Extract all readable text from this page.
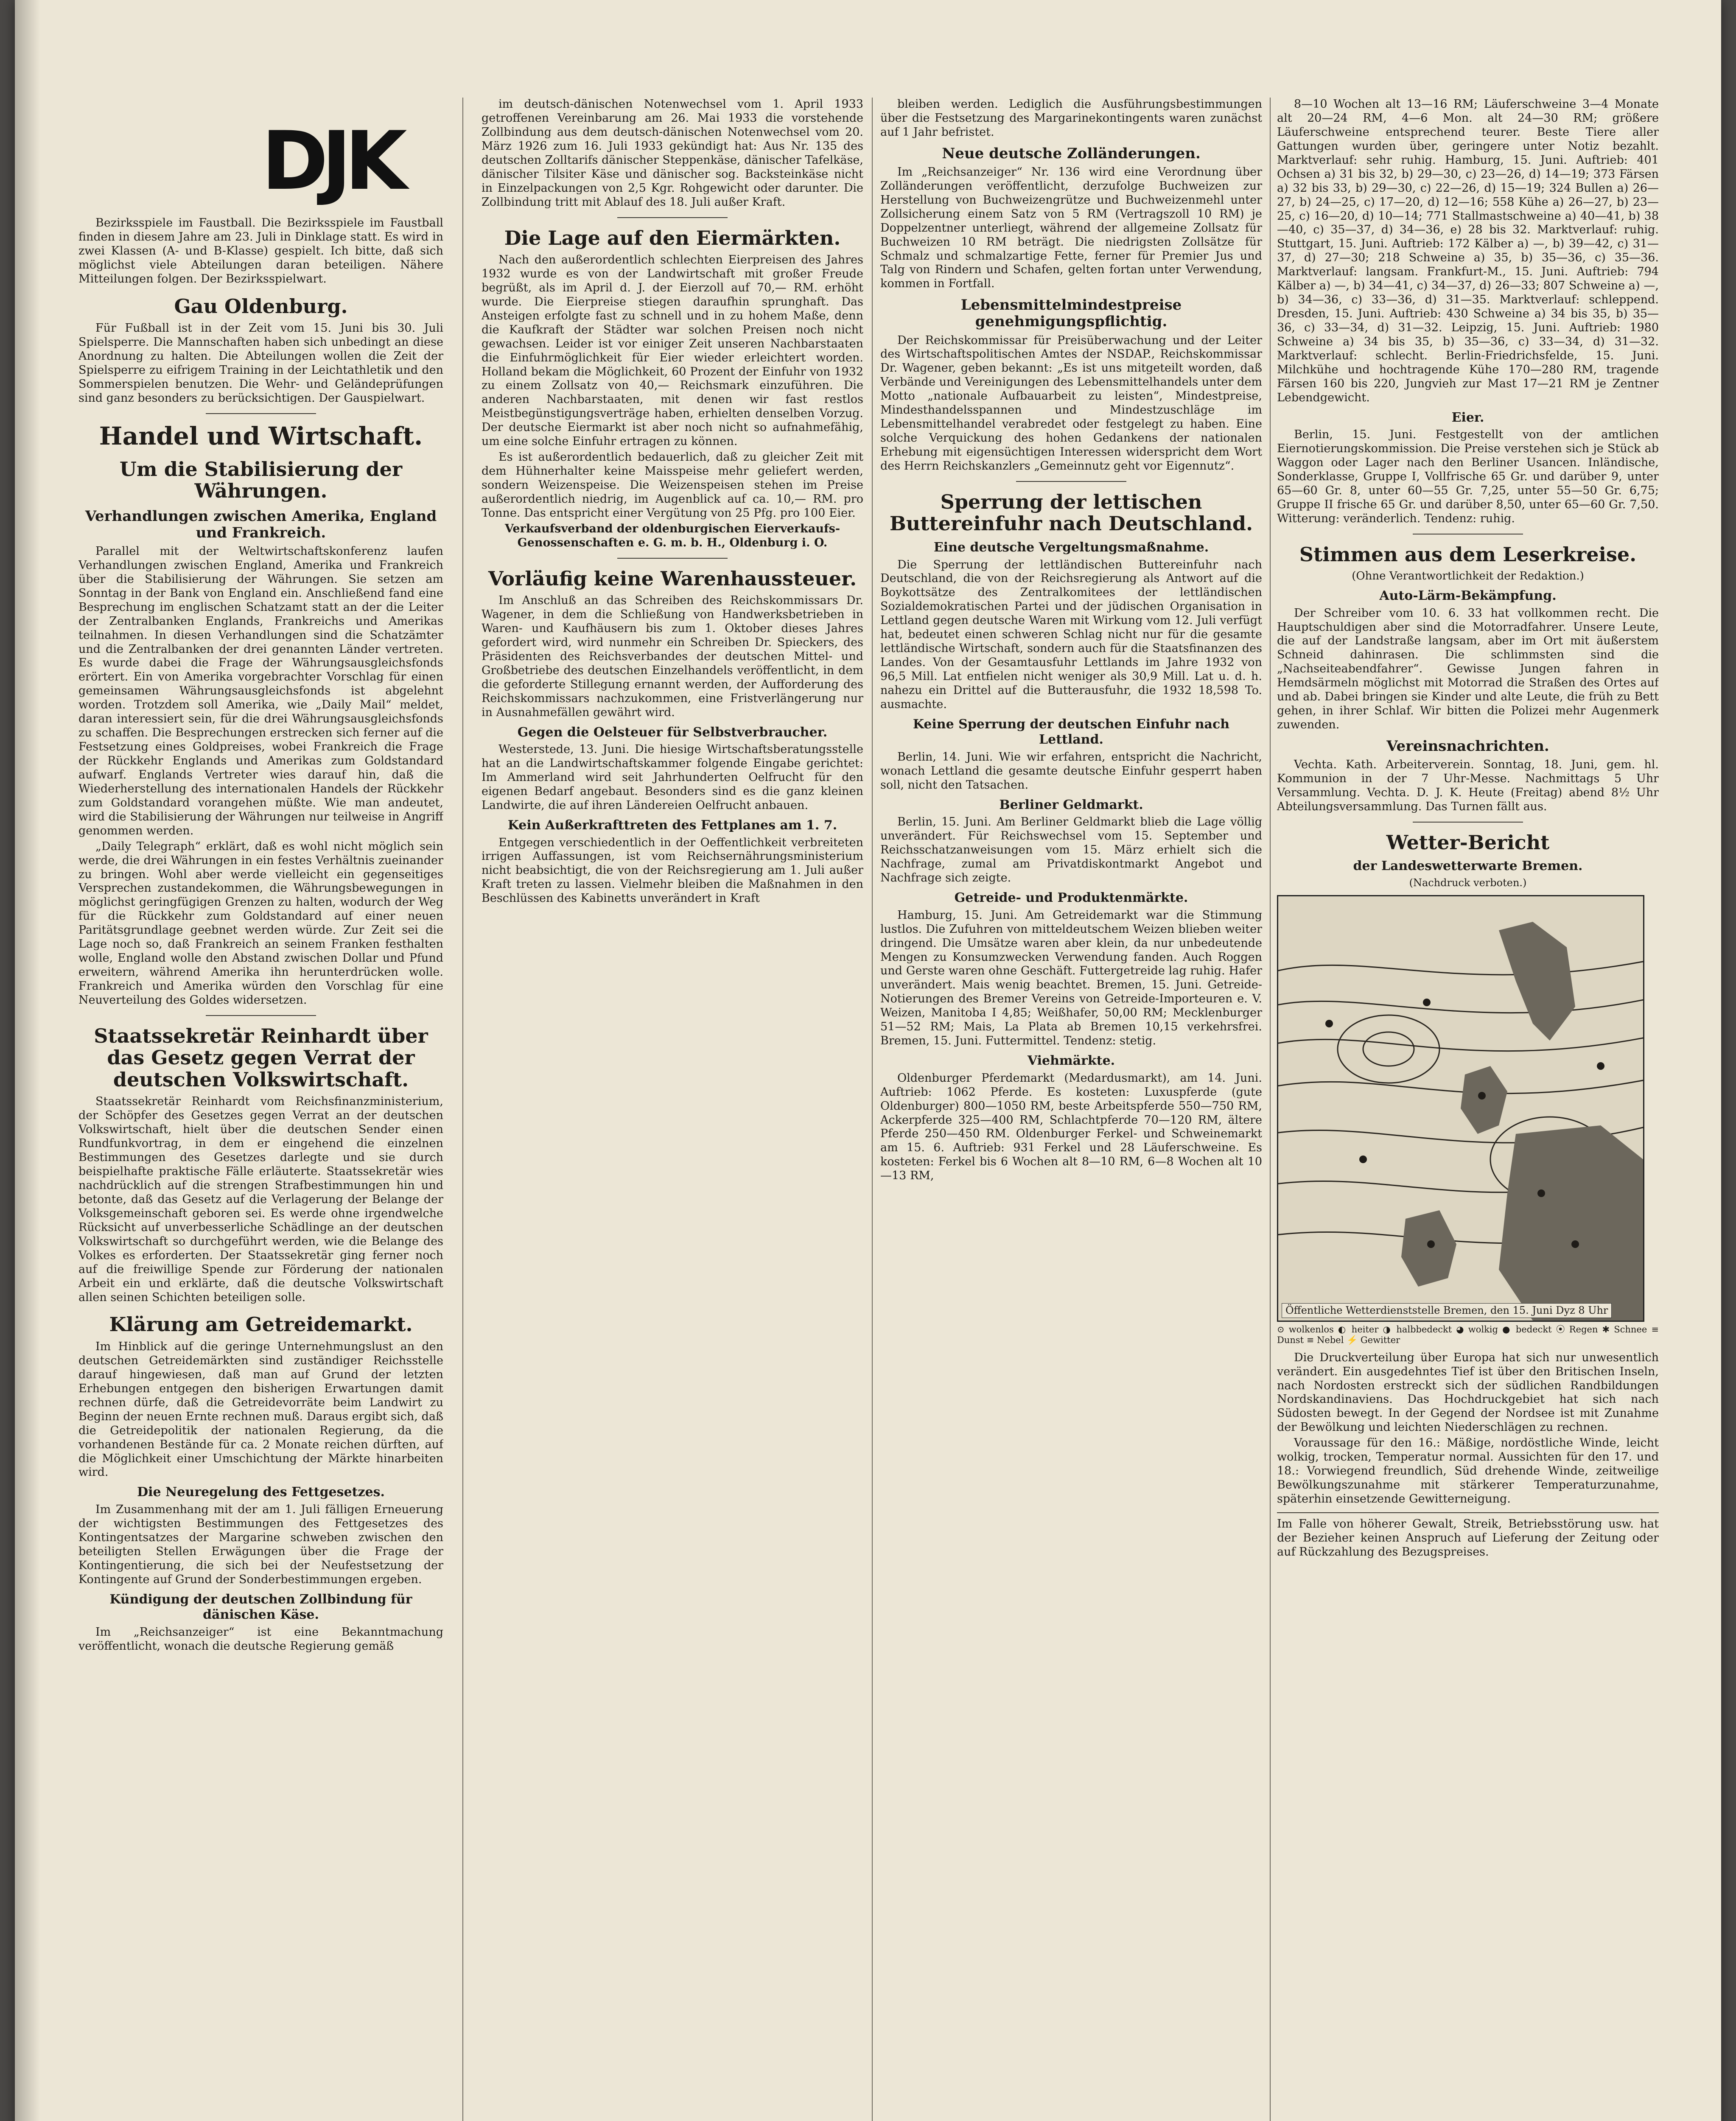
Bezirksspiele im Faustball. Die Bezirksspiele im Faustball finden in diesem Jahre am 23. Juli in Dinklage statt. Es wird in zwei Klassen (A- und B-Klasse) gespielt. Ich bitte, daß sich möglichst viele Abteilungen daran beteiligen. Nähere Mitteilungen folgen. Der Bezirksspielwart.

Gau Oldenburg.

Für Fußball ist in der Zeit vom 15. Juni bis 30. Juli Spielsperre. Die Mannschaften haben sich unbedingt an diese Anordnung zu halten. Die Abteilungen wollen die Zeit der Spielsperre zu eifrigem Training in der Leichtathletik und den Sommerspielen benutzen. Die Wehr- und Geländeprüfungen sind ganz besonders zu berücksichtigen. Der Gauspielwart.

Handel und Wirtschaft.
Um die Stabilisierung der Währungen.
Verhandlungen zwischen Amerika, England und Frankreich.

Parallel mit der Weltwirtschaftskonferenz laufen Verhandlungen zwischen England, Amerika und Frankreich über die Stabilisierung der Währungen. Sie setzen am Sonntag in der Bank von England ein. Anschließend fand eine Besprechung im englischen Schatzamt statt an der die Leiter der Zentralbanken Englands, Frankreichs und Amerikas teilnahmen. In diesen Verhandlungen sind die Schatzämter und die Zentralbanken der drei genannten Länder vertreten. Es wurde dabei die Frage der Währungsausgleichsfonds erörtert. Ein von Amerika vorgebrachter Vorschlag für einen gemeinsamen Währungsausgleichsfonds ist abgelehnt worden. Trotzdem soll Amerika, wie „Daily Mail“ meldet, daran interessiert sein, für die drei Währungsausgleichsfonds zu schaffen. Die Besprechungen erstrecken sich ferner auf die Festsetzung eines Goldpreises, wobei Frankreich die Frage der Rückkehr Englands und Amerikas zum Goldstandard aufwarf. Englands Vertreter wies darauf hin, daß die Wiederherstellung des internationalen Handels der Rückkehr zum Goldstandard vorangehen müßte. Wie man andeutet, wird die Stabilisierung der Währungen nur teilweise in Angriff genommen werden.

„Daily Telegraph“ erklärt, daß es wohl nicht möglich sein werde, die drei Währungen in ein festes Verhältnis zueinander zu bringen. Wohl aber werde vielleicht ein gegenseitiges Versprechen zustandekommen, die Währungsbewegungen in möglichst geringfügigen Grenzen zu halten, wodurch der Weg für die Rückkehr zum Goldstandard auf einer neuen Paritätsgrundlage geebnet werden würde. Zur Zeit sei die Lage noch so, daß Frankreich an seinem Franken festhalten wolle, England wolle den Abstand zwischen Dollar und Pfund erweitern, während Amerika ihn herunterdrücken wolle. Frankreich und Amerika würden den Vorschlag für eine Neuverteilung des Goldes widersetzen.

Staatssekretär Reinhardt über das Gesetz gegen Verrat der deutschen Volkswirtschaft.

Staatssekretär Reinhardt vom Reichsfinanzministerium, der Schöpfer des Gesetzes gegen Verrat an der deutschen Volkswirtschaft, hielt über die deutschen Sender einen Rundfunkvortrag, in dem er eingehend die einzelnen Bestimmungen des Gesetzes darlegte und sie durch beispielhafte praktische Fälle erläuterte. Staatssekretär wies nachdrücklich auf die strengen Strafbestimmungen hin und betonte, daß das Gesetz auf die Verlagerung der Belange der Volksgemeinschaft geboren sei. Es werde ohne irgendwelche Rücksicht auf unverbesserliche Schädlinge an der deutschen Volkswirtschaft so durchgeführt werden, wie die Belange des Volkes es erforderten. Der Staatssekretär ging ferner noch auf die freiwillige Spende zur Förderung der nationalen Arbeit ein und erklärte, daß die deutsche Volkswirtschaft allen seinen Schichten beteiligen solle.

Klärung am Getreidemarkt.

Im Hinblick auf die geringe Unternehmungslust an den deutschen Getreidemärkten sind zuständiger Reichsstelle darauf hingewiesen, daß man auf Grund der letzten Erhebungen entgegen den bisherigen Erwartungen damit rechnen dürfe, daß die Getreidevorräte beim Landwirt zu Beginn der neuen Ernte rechnen muß. Daraus ergibt sich, daß die Getreidepolitik der nationalen Regierung, da die vorhandenen Bestände für ca. 2 Monate reichen dürften, auf die Möglichkeit einer Umschichtung der Märkte hinarbeiten wird.

Die Neuregelung des Fettgesetzes.

Im Zusammenhang mit der am 1. Juli fälligen Erneuerung der wichtigsten Bestimmungen des Fettgesetzes des Kontingentsatzes der Margarine schweben zwischen den beteiligten Stellen Erwägungen über die Frage der Kontingentierung, die sich bei der Neufestsetzung der Kontingente auf Grund der Sonderbestimmungen ergeben.

Kündigung der deutschen Zollbindung für dänischen Käse.

Im „Reichsanzeiger“ ist eine Bekanntmachung veröffentlicht, wonach die deutsche Regierung gemäß

DJK

im deutsch-dänischen Notenwechsel vom 1. April 1933 getroffenen Vereinbarung am 26. Mai 1933 die vorstehende Zollbindung aus dem deutsch-dänischen Notenwechsel vom 20. März 1926 zum 16. Juli 1933 gekündigt hat: Aus Nr. 135 des deutschen Zolltarifs dänischer Steppenkäse, dänischer Tafelkäse, dänischer Tilsiter Käse und dänischer sog. Backsteinkäse nicht in Einzelpackungen von 2,5 Kgr. Rohgewicht oder darunter. Die Zollbindung tritt mit Ablauf des 18. Juli außer Kraft.

Die Lage auf den Eiermärkten.

Nach den außerordentlich schlechten Eierpreisen des Jahres 1932 wurde es von der Landwirtschaft mit großer Freude begrüßt, als im April d. J. der Eierzoll auf 70,— RM. erhöht wurde. Die Eierpreise stiegen daraufhin sprunghaft. Das Ansteigen erfolgte fast zu schnell und in zu hohem Maße, denn die Kaufkraft der Städter war solchen Preisen noch nicht gewachsen. Leider ist vor einiger Zeit unseren Nachbarstaaten die Einfuhrmöglichkeit für Eier wieder erleichtert worden. Holland bekam die Möglichkeit, 60 Prozent der Einfuhr von 1932 zu einem Zollsatz von 40,— Reichsmark einzuführen. Die anderen Nachbarstaaten, mit denen wir fast restlos Meistbegünstigungsverträge haben, erhielten denselben Vorzug. Der deutsche Eiermarkt ist aber noch nicht so aufnahmefähig, um eine solche Einfuhr ertragen zu können.

Es ist außerordentlich bedauerlich, daß zu gleicher Zeit mit dem Hühnerhalter keine Maisspeise mehr geliefert werden, sondern Weizenspeise. Die Weizenspeisen stehen im Preise außerordentlich niedrig, im Augenblick auf ca. 10,— RM. pro Tonne. Das entspricht einer Vergütung von 25 Pfg. pro 100 Eier.

Verkaufsverband der oldenburgischen Eierverkaufs-Genossenschaften e. G. m. b. H., Oldenburg i. O.

Vorläufig keine Warenhaussteuer.

Im Anschluß an das Schreiben des Reichskommissars Dr. Wagener, in dem die Schließung von Handwerksbetrieben in Waren- und Kaufhäusern bis zum 1. Oktober dieses Jahres gefordert wird, wird nunmehr ein Schreiben Dr. Spieckers, des Präsidenten des Reichsverbandes der deutschen Mittel- und Großbetriebe des deutschen Einzelhandels veröffentlicht, in dem die geforderte Stillegung ernannt werden, der Aufforderung des Reichskommissars nachzukommen, eine Fristverlängerung nur in Ausnahmefällen gewährt wird.

Gegen die Oelsteuer für Selbstverbraucher.

Westerstede, 13. Juni. Die hiesige Wirtschaftsberatungsstelle hat an die Landwirtschaftskammer folgende Eingabe gerichtet: Im Ammerland wird seit Jahrhunderten Oelfrucht für den eigenen Bedarf angebaut. Besonders sind es die ganz kleinen Landwirte, die auf ihren Ländereien Oelfrucht anbauen.

Kein Außerkrafttreten des Fettplanes am 1. 7.

Entgegen verschiedentlich in der Oeffentlichkeit verbreiteten irrigen Auffassungen, ist vom Reichsernährungsministerium nicht beabsichtigt, die von der Reichsregierung am 1. Juli außer Kraft treten zu lassen. Vielmehr bleiben die Maßnahmen in den Beschlüssen des Kabinetts unverändert in Kraft

bleiben werden. Lediglich die Ausführungsbestimmungen über die Festsetzung des Margarinekontingents waren zunächst auf 1 Jahr befristet.

Neue deutsche Zolländerungen.

Im „Reichsanzeiger“ Nr. 136 wird eine Verordnung über Zolländerungen veröffentlicht, derzufolge Buchweizen zur Herstellung von Buchweizengrütze und Buchweizenmehl unter Zollsicherung einem Satz von 5 RM (Vertragszoll 10 RM) je Doppelzentner unterliegt, während der allgemeine Zollsatz für Buchweizen 10 RM beträgt. Die niedrigsten Zollsätze für Schmalz und schmalzartige Fette, ferner für Premier Jus und Talg von Rindern und Schafen, gelten fortan unter Verwendung, kommen in Fortfall.

Lebensmittelmindestpreise genehmigungspflichtig.

Der Reichskommissar für Preisüberwachung und der Leiter des Wirtschaftspolitischen Amtes der NSDAP., Reichskommissar Dr. Wagener, geben bekannt: „Es ist uns mitgeteilt worden, daß Verbände und Vereinigungen des Lebensmittelhandels unter dem Motto „nationale Aufbauarbeit zu leisten“, Mindestpreise, Mindesthandelsspannen und Mindestzuschläge im Lebensmittelhandel verabredet oder festgelegt zu haben. Eine solche Verquickung des hohen Gedankens der nationalen Erhebung mit eigensüchtigen Interessen widerspricht dem Wort des Herrn Reichskanzlers „Gemeinnutz geht vor Eigennutz“.

Sperrung der lettischen Buttereinfuhr nach Deutschland.
Eine deutsche Vergeltungsmaßnahme.

Die Sperrung der lettländischen Buttereinfuhr nach Deutschland, die von der Reichsregierung als Antwort auf die Boykottsätze des Zentralkomitees der lettländischen Sozialdemokratischen Partei und der jüdischen Organisation in Lettland gegen deutsche Waren mit Wirkung vom 12. Juli verfügt hat, bedeutet einen schweren Schlag nicht nur für die gesamte lettländische Wirtschaft, sondern auch für die Staatsfinanzen des Landes. Von der Gesamtausfuhr Lettlands im Jahre 1932 von 96,5 Mill. Lat entfielen nicht weniger als 30,9 Mill. Lat u. d. h. nahezu ein Drittel auf die Butterausfuhr, die 1932 18,598 To. ausmachte.

Keine Sperrung der deutschen Einfuhr nach Lettland.

Berlin, 14. Juni. Wie wir erfahren, entspricht die Nachricht, wonach Lettland die gesamte deutsche Einfuhr gesperrt haben soll, nicht den Tatsachen.

Berliner Geldmarkt.

Berlin, 15. Juni. Am Berliner Geldmarkt blieb die Lage völlig unverändert. Für Reichswechsel vom 15. September und Reichsschatzanweisungen vom 15. März erhielt sich die Nachfrage, zumal am Privatdiskontmarkt Angebot und Nachfrage sich zeigte.

Getreide- und Produktenmärkte.

Hamburg, 15. Juni. Am Getreidemarkt war die Stimmung lustlos. Die Zufuhren von mitteldeutschem Weizen blieben weiter dringend. Die Umsätze waren aber klein, da nur unbedeutende Mengen zu Konsumzwecken Verwendung fanden. Auch Roggen und Gerste waren ohne Geschäft. Futtergetreide lag ruhig. Hafer unverändert. Mais wenig beachtet. Bremen, 15. Juni. Getreide-Notierungen des Bremer Vereins von Getreide-Importeuren e. V. Weizen, Manitoba I 4,85; Weißhafer, 50,00 RM; Mecklenburger 51—52 RM; Mais, La Plata ab Bremen 10,15 verkehrsfrei. Bremen, 15. Juni. Futtermittel. Tendenz: stetig.

Viehmärkte.

Oldenburger Pferdemarkt (Medardusmarkt), am 14. Juni. Auftrieb: 1062 Pferde. Es kosteten: Luxuspferde (gute Oldenburger) 800—1050 RM, beste Arbeitspferde 550—750 RM, Ackerpferde 325—400 RM, Schlachtpferde 70—120 RM, ältere Pferde 250—450 RM. Oldenburger Ferkel- und Schweinemarkt am 15. 6. Auftrieb: 931 Ferkel und 28 Läuferschweine. Es kosteten: Ferkel bis 6 Wochen alt 8—10 RM, 6—8 Wochen alt 10—13 RM,

8—10 Wochen alt 13—16 RM; Läuferschweine 3—4 Monate alt 20—24 RM, 4—6 Mon. alt 24—30 RM; größere Läuferschweine entsprechend teurer. Beste Tiere aller Gattungen wurden über, geringere unter Notiz bezahlt. Marktverlauf: sehr ruhig. Hamburg, 15. Juni. Auftrieb: 401 Ochsen a) 31 bis 32, b) 29—30, c) 23—26, d) 14—19; 373 Färsen a) 32 bis 33, b) 29—30, c) 22—26, d) 15—19; 324 Bullen a) 26—27, b) 24—25, c) 17—20, d) 12—16; 558 Kühe a) 26—27, b) 23—25, c) 16—20, d) 10—14; 771 Stallmastschweine a) 40—41, b) 38—40, c) 35—37, d) 34—36, e) 28 bis 32. Marktverlauf: ruhig. Stuttgart, 15. Juni. Auftrieb: 172 Kälber a) —, b) 39—42, c) 31—37, d) 27—30; 218 Schweine a) 35, b) 35—36, c) 35—36. Marktverlauf: langsam. Frankfurt-M., 15. Juni. Auftrieb: 794 Kälber a) —, b) 34—41, c) 34—37, d) 26—33; 807 Schweine a) —, b) 34—36, c) 33—36, d) 31—35. Marktverlauf: schleppend. Dresden, 15. Juni. Auftrieb: 430 Schweine a) 34 bis 35, b) 35—36, c) 33—34, d) 31—32. Leipzig, 15. Juni. Auftrieb: 1980 Schweine a) 34 bis 35, b) 35—36, c) 33—34, d) 31—32. Marktverlauf: schlecht. Berlin-Friedrichsfelde, 15. Juni. Milchkühe und hochtragende Kühe 170—280 RM, tragende Färsen 160 bis 220, Jungvieh zur Mast 17—21 RM je Zentner Lebendgewicht.

Eier.

Berlin, 15. Juni. Festgestellt von der amtlichen Eiernotierungskommission. Die Preise verstehen sich je Stück ab Waggon oder Lager nach den Berliner Usancen. Inländische, Sonderklasse, Gruppe I, Vollfrische 65 Gr. und darüber 9, unter 65—60 Gr. 8, unter 60—55 Gr. 7,25, unter 55—50 Gr. 6,75; Gruppe II frische 65 Gr. und darüber 8,50, unter 65—60 Gr. 7,50. Witterung: veränderlich. Tendenz: ruhig.

Stimmen aus dem Leserkreise.
(Ohne Verantwortlichkeit der Redaktion.)
Auto-Lärm-Bekämpfung.

Der Schreiber vom 10. 6. 33 hat vollkommen recht. Die Hauptschuldigen aber sind die Motorradfahrer. Unsere Leute, die auf der Landstraße langsam, aber im Ort mit äußerstem Schneid dahinrasen. Die schlimmsten sind die „Nachseiteabendfahrer“. Gewisse Jungen fahren in Hemdsärmeln möglichst mit Motorrad die Straßen des Ortes auf und ab. Dabei bringen sie Kinder und alte Leute, die früh zu Bett gehen, in ihrer Schlaf. Wir bitten die Polizei mehr Augenmerk zuwenden.

Vereinsnachrichten.

Vechta. Kath. Arbeiterverein. Sonntag, 18. Juni, gem. hl. Kommunion in der 7 Uhr-Messe. Nachmittags 5 Uhr Versammlung. Vechta. D. J. K. Heute (Freitag) abend 8½ Uhr Abteilungsversammlung. Das Turnen fällt aus.

Wetter-Bericht
der Landeswetterwarte Bremen.
(Nachdruck verboten.)
Öffentliche Wetterdienststelle Bremen, den 15. Juni Dyz 8 Uhr
⊙ wolkenlos ◐ heiter ◑ halbbedeckt ◕ wolkig ● bedeckt ⦿ Regen ✱ Schnee ≡ Dunst ≡ Nebel ⚡ Gewitter

Die Druckverteilung über Europa hat sich nur unwesentlich verändert. Ein ausgedehntes Tief ist über den Britischen Inseln, nach Nordosten erstreckt sich der südlichen Randbildungen Nordskandinaviens. Das Hochdruckgebiet hat sich nach Südosten bewegt. In der Gegend der Nordsee ist mit Zunahme der Bewölkung und leichten Niederschlägen zu rechnen.

Voraussage für den 16.: Mäßige, nordöstliche Winde, leicht wolkig, trocken, Temperatur normal. Aussichten für den 17. und 18.: Vorwiegend freundlich, Süd drehende Winde, zeitweilige Bewölkungszunahme mit stärkerer Temperaturzunahme, späterhin einsetzende Gewitterneigung.

Im Falle von höherer Gewalt, Streik, Betriebsstörung usw. hat der Bezieher keinen Anspruch auf Lieferung der Zeitung oder auf Rückzahlung des Bezugspreises.
